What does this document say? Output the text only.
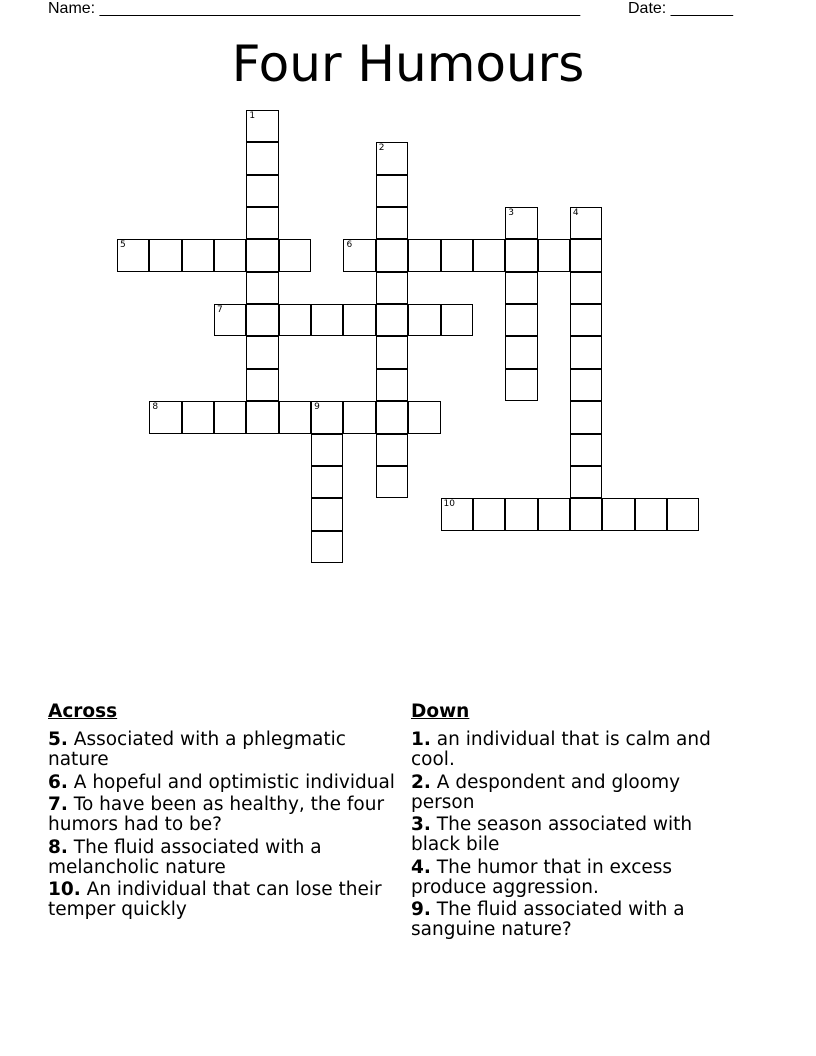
Name: ______________________________________________________	Date: _______
Four Humours
1
2
3	4
5	6
7
8	9
10
Across
5. Associated with a phlegmatic nature
6. A hopeful and optimistic individual
7. To have been as healthy, the four humors had to be?
8. The fluid associated with a melancholic nature
10. An individual that can lose their temper quickly
Down
1. an individual that is calm and cool.
2. A despondent and gloomy person
3. The season associated with black bile
4. The humor that in excess produce aggression.
9. The fluid associated with a sanguine nature?
